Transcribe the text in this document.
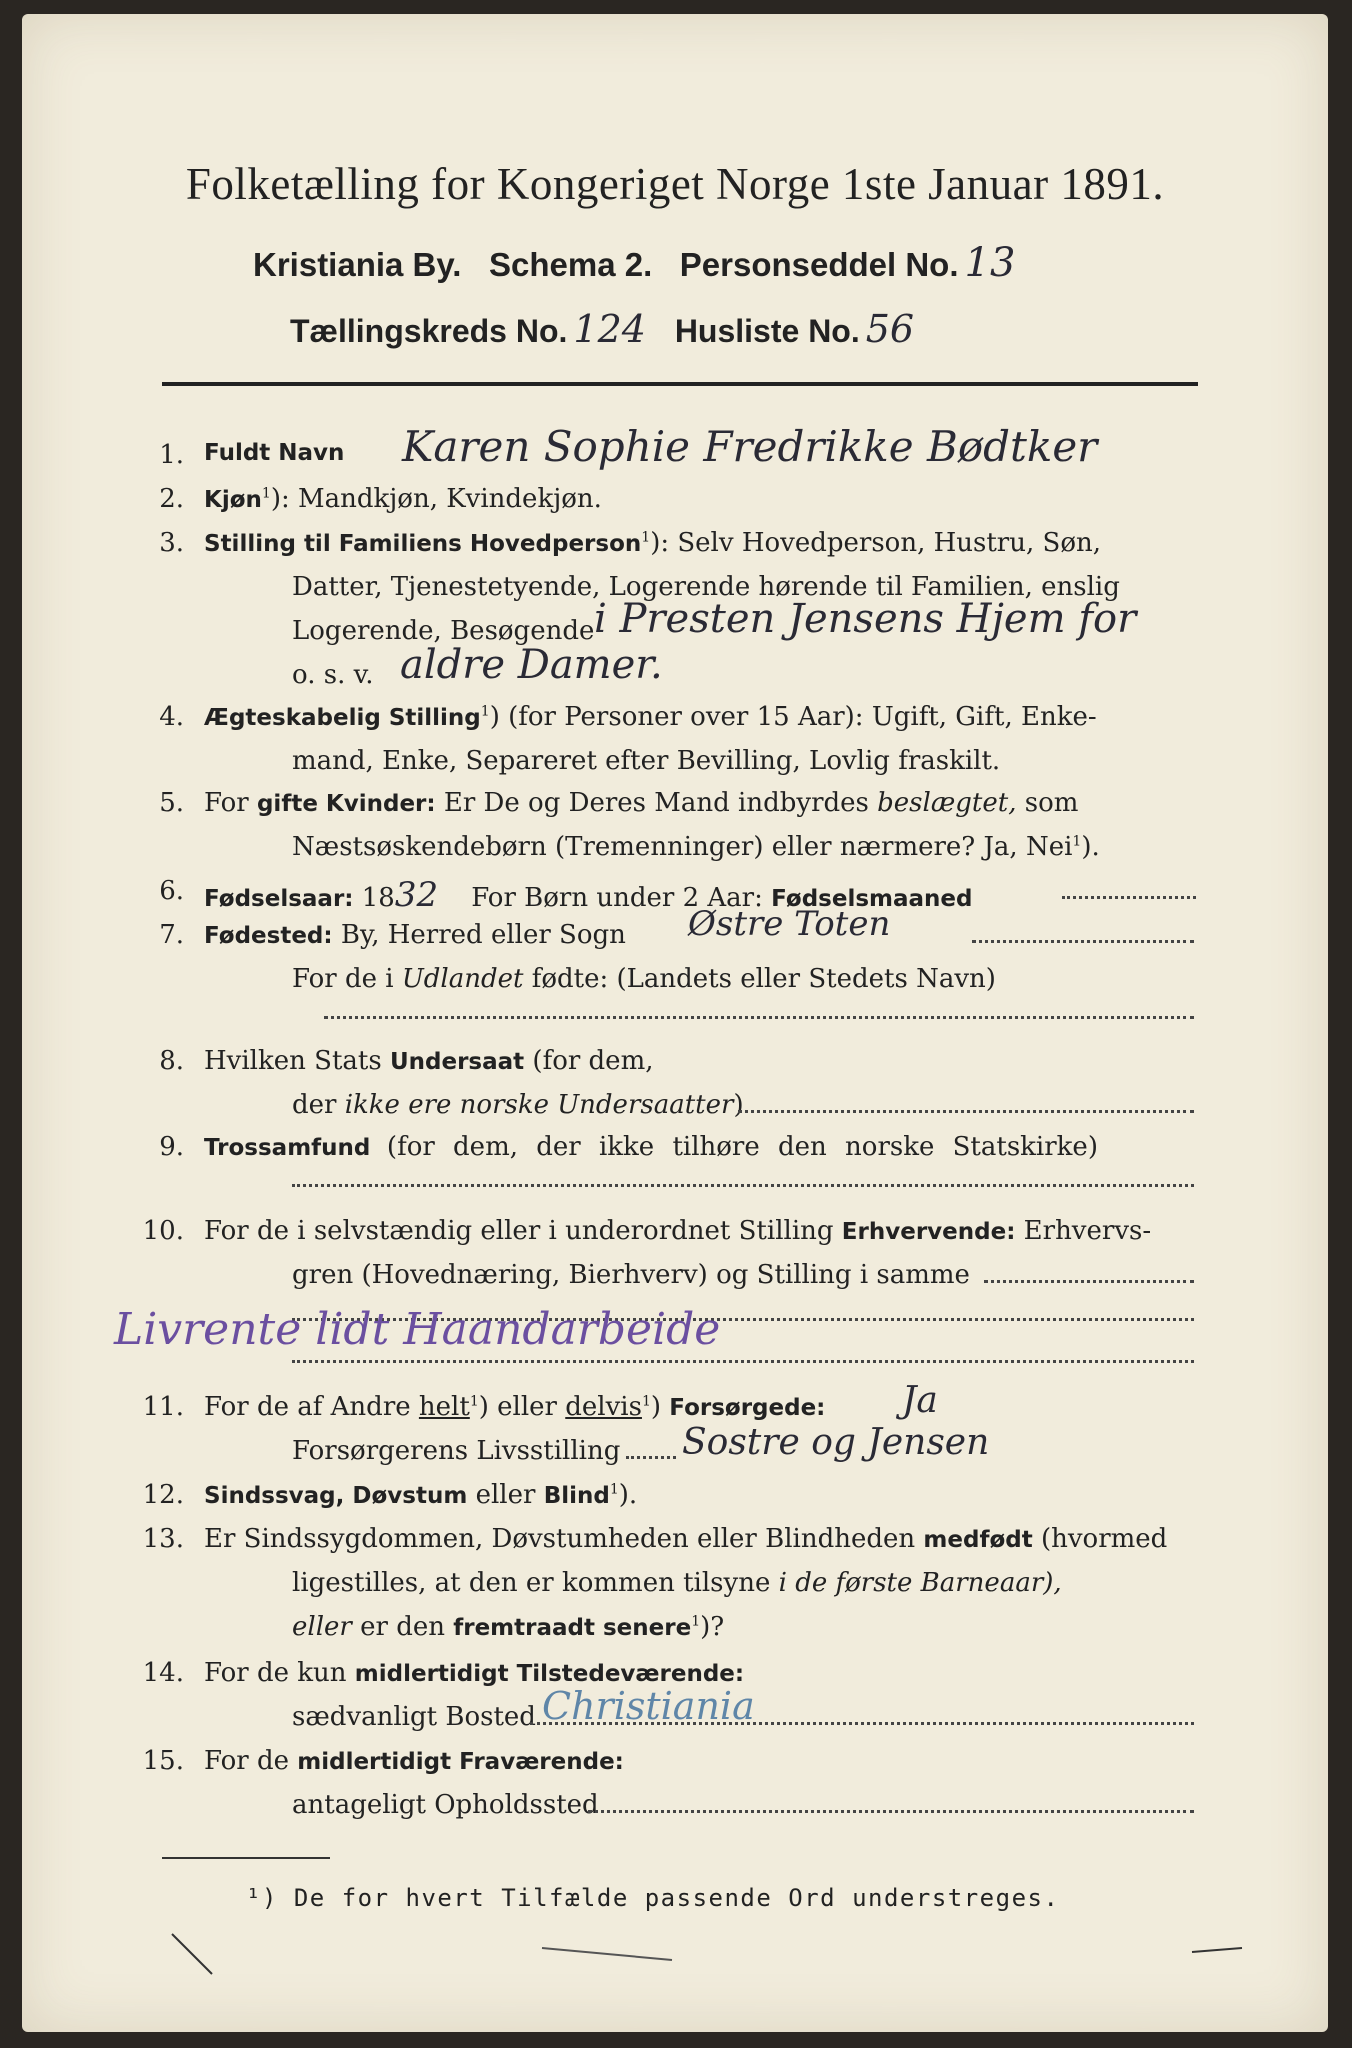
Folketælling for Kongeriget Norge 1ste Januar 1891.
Kristiania By. Schema 2. Personseddel No. 13
Tællingskreds No. 124 Husliste No. 56
1. Fuldt Navn Karen Sophie Fredrikke Bødtker
2. Kjøn$^1$): Mandkjøn, Kvindekjøn.
3. Stilling til Familiens Hovedperson$^1$): Selv Hovedperson, Hustru, Søn,
Datter, Tjenestetyende, Logerende hørende til Familien, enslig
Logerende, Besøgende i Presten Jensens Hjem for
o. s. v. aldre Damer.
4. Ægteskabelig Stilling$^1$) (for Personer over 15 Aar): Ugift, Gift, Enke-
mand, Enke, Separeret efter Bevilling, Lovlig fraskilt.
5. For gifte Kvinder: Er De og Deres Mand indbyrdes beslægtet, som
Næstsøskendebørn (Tremenninger) eller nærmere? Ja, Nei$^1$).
6. Fødselsaar: 1832 For Børn under 2 Aar: Fødselsmaaned
7. Fødested: By, Herred eller Sogn Østre Toten
For de i Udlandet fødte: (Landets eller Stedets Navn)
8. Hvilken Stats Undersaat (for dem,
der ikke ere norske Undersaatter)
9. Trossamfund (for dem, der ikke tilhøre den norske Statskirke)
10. For de i selvstændig eller i underordnet Stilling Erhvervende: Erhvervs-
gren (Hovednæring, Bierhverv) og Stilling i samme
Livrente lidt Haandarbeide
11. For de af Andre helt$^1$) eller delvis$^1$) Forsørgede: Ja
Forsørgerens Livsstilling Sostre og Jensen
12. Sindssvag, Døvstum eller Blind$^1$).
13. Er Sindssygdommen, Døvstumheden eller Blindheden medfødt (hvormed
ligestilles, at den er kommen tilsyne i de første Barneaar),
eller er den fremtraadt senere$^1$)?
14. For de kun midlertidigt Tilstedeværende:
sædvanligt Bosted Christiania
15. For de midlertidigt Fraværende:
antageligt Opholdssted
¹) De for hvert Tilfælde passende Ord understreges.
